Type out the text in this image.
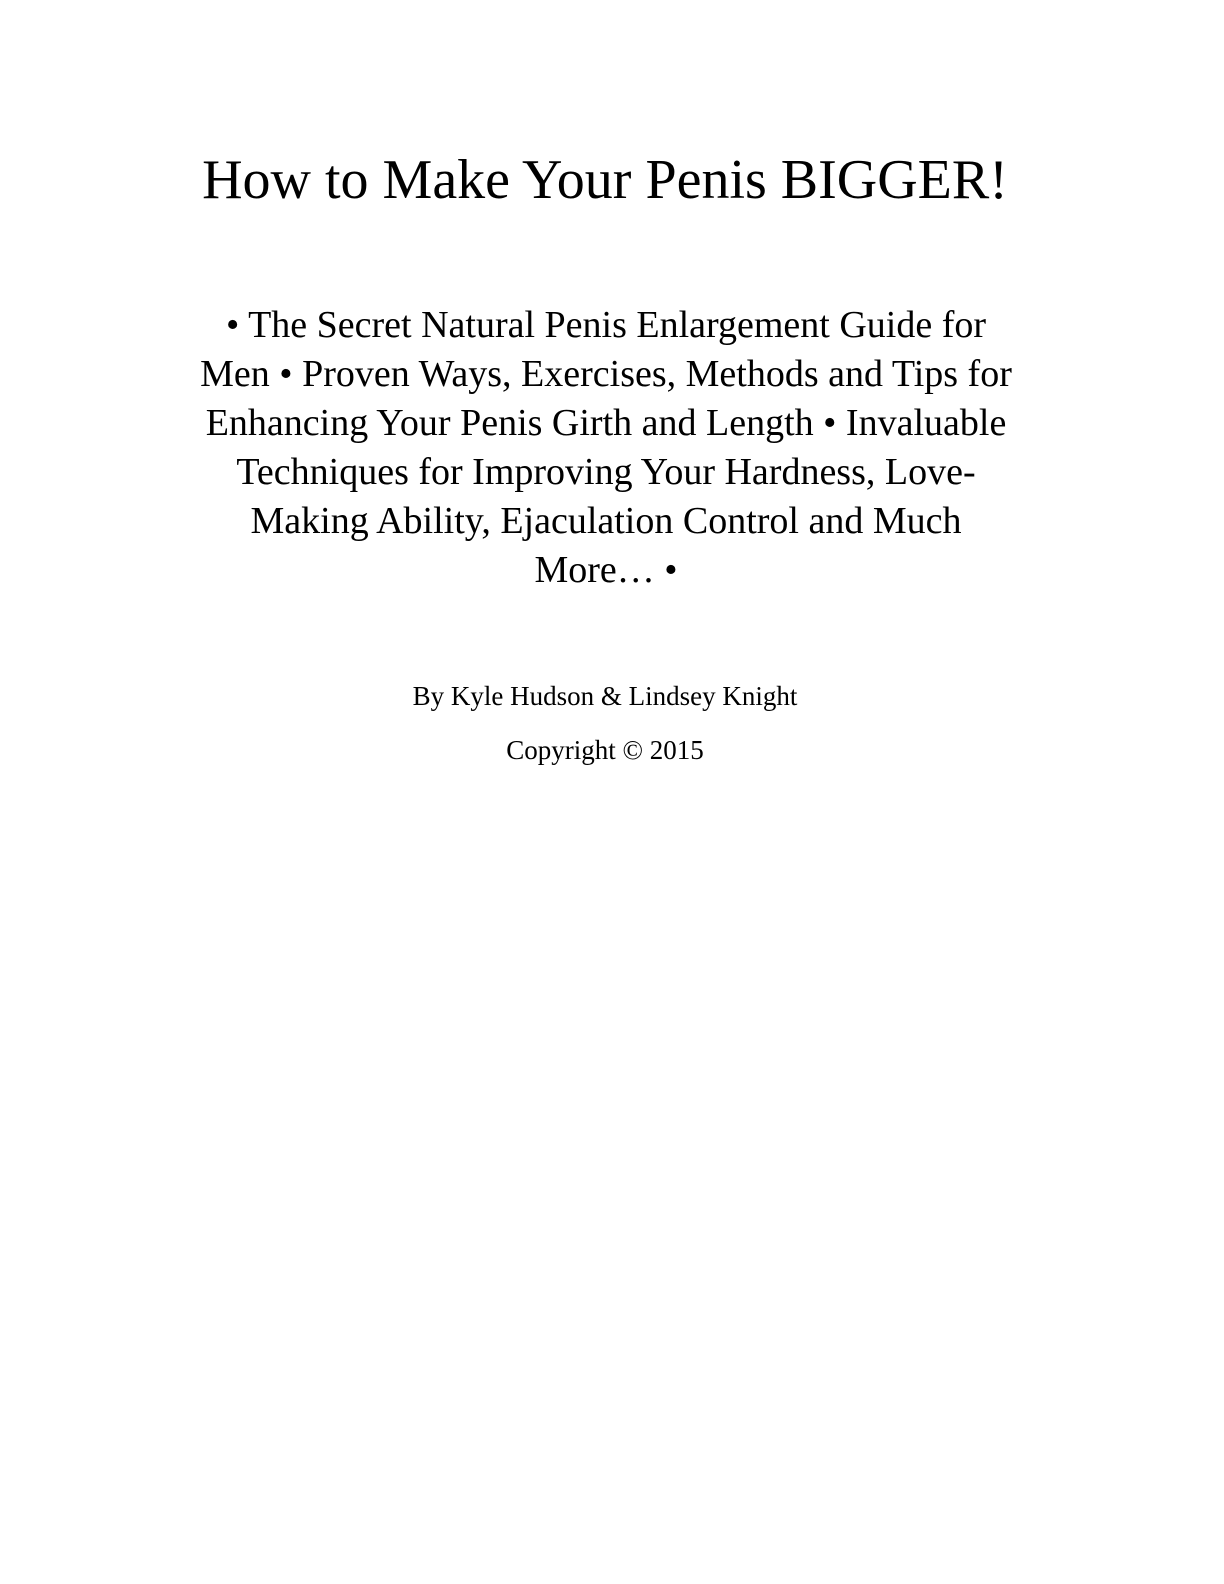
How to Make Your Penis BIGGER!

• The Secret Natural Penis Enlargement Guide for
Men • Proven Ways, Exercises, Methods and Tips for
Enhancing Your Penis Girth and Length • Invaluable
Techniques for Improving Your Hardness, Love-
Making Ability, Ejaculation Control and Much
More… •

By Kyle Hudson & Lindsey Knight

Copyright © 2015
